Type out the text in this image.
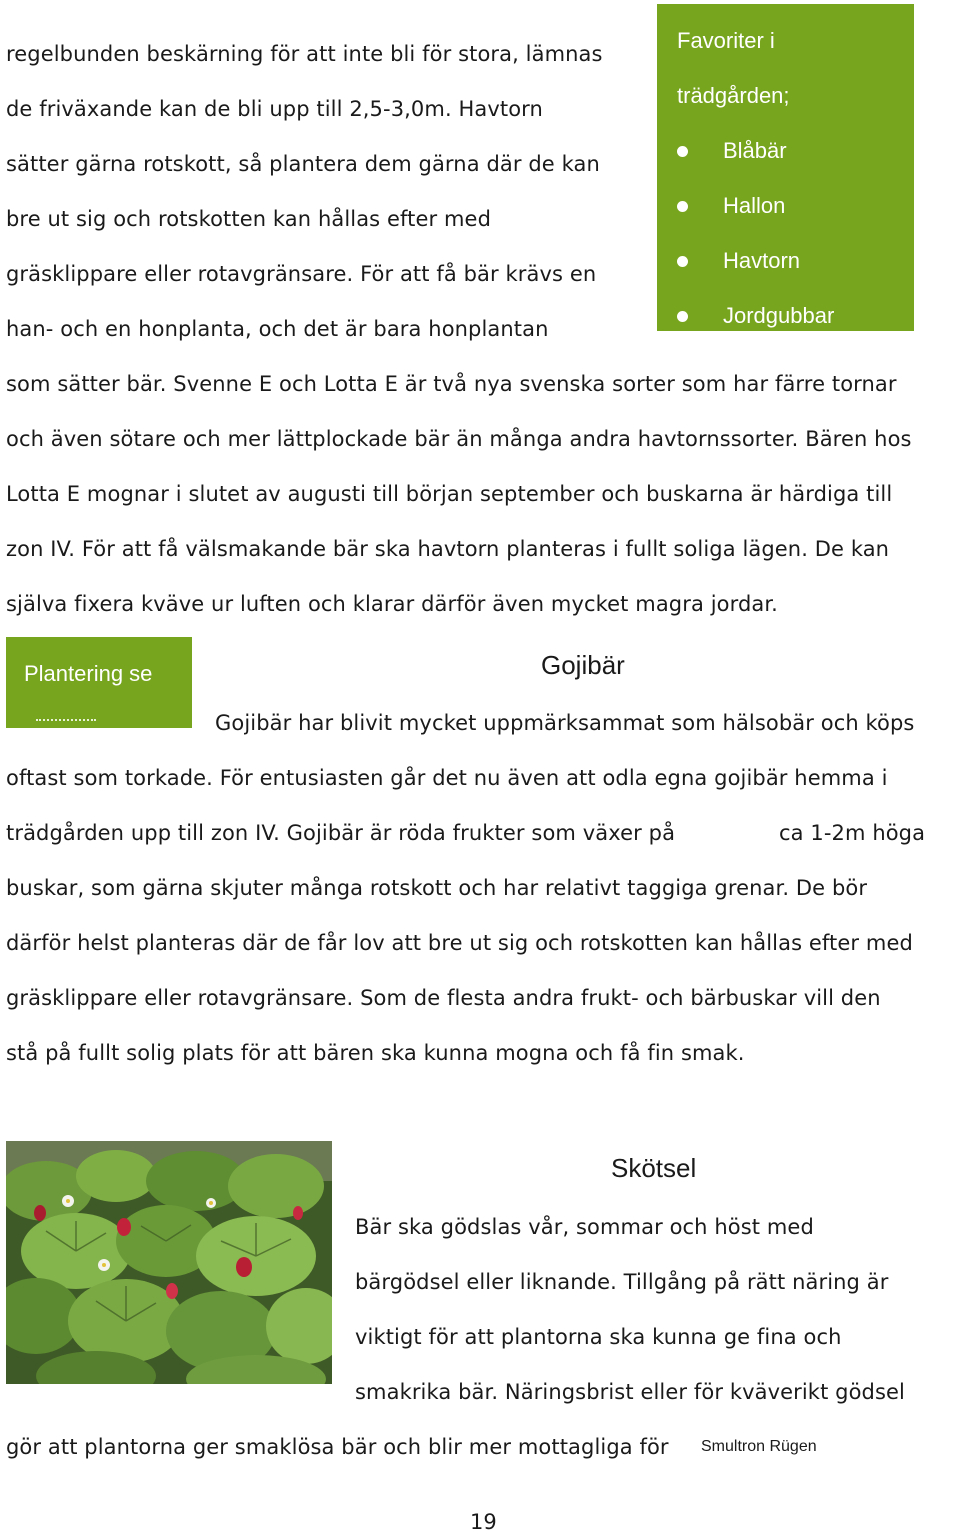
regelbunden beskärning för att inte bli för stora, lämnas
de friväxande kan de bli upp till 2,5-3,0m. Havtorn
sätter gärna rotskott, så plantera dem gärna där de kan
bre ut sig och rotskotten kan hållas efter med
gräsklippare eller rotavgränsare. För att få bär krävs en
han- och en honplanta, och det är bara honplantan
Favoriter i
trädgården;
Blåbär
Hallon
Havtorn
Jordgubbar
som sätter bär. Svenne E och Lotta E är två nya svenska sorter som har färre tornar
och även sötare och mer lättplockade bär än många andra havtornssorter. Bären hos
Lotta E mognar i slutet av augusti till början september och buskarna är härdiga till
zon IV. För att få välsmakande bär ska havtorn planteras i fullt soliga lägen. De kan
själva fixera kväve ur luften och klarar därför även mycket magra jordar.
Plantering se	Gojibär
Gojibär har blivit mycket uppmärksammat som hälsobär och köps
oftast som torkade. För entusiasten går det nu även att odla egna gojibär hemma i
trädgården upp till zon IV. Gojibär är röda frukter som växer på	ca 1-2m höga
buskar, som gärna skjuter många rotskott och har relativt taggiga grenar. De bör
därför helst planteras där de får lov att bre ut sig och rotskotten kan hållas efter med
gräsklippare eller rotavgränsare. Som de flesta andra frukt- och bärbuskar vill den
stå på fullt solig plats för att bären ska kunna mogna och få fin smak.
Skötsel
Bär ska gödslas vår, sommar och höst med
bärgödsel eller liknande. Tillgång på rätt näring är
viktigt för att plantorna ska kunna ge fina och
smakrika bär. Näringsbrist eller för kväverikt gödsel
gör att plantorna ger smaklösa bär och blir mer mottagliga för Smultron Rügen
19
